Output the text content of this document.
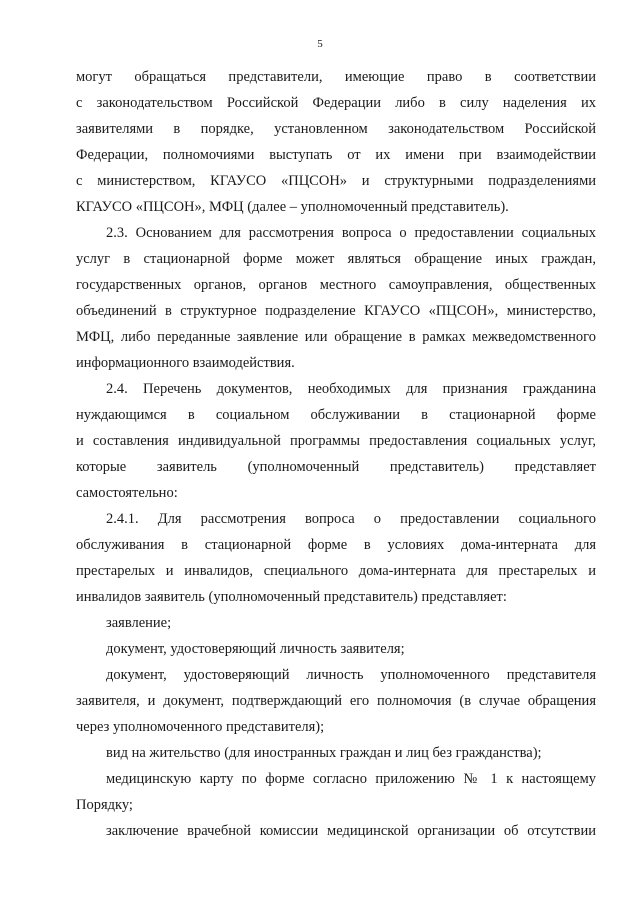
5
могут обращаться представители, имеющие право в соответствии
с законодательством Российской Федерации либо в силу наделения их
заявителями в порядке, установленном законодательством Российской
Федерации, полномочиями выступать от их имени при взаимодействии
с министерством, КГАУСО «ПЦСОН» и структурными подразделениями
КГАУСО «ПЦСОН», МФЦ (далее – уполномоченный представитель).
2.3. Основанием для рассмотрения вопроса о предоставлении социальных
услуг в стационарной форме может являться обращение иных граждан,
государственных органов, органов местного самоуправления, общественных
объединений в структурное подразделение КГАУСО «ПЦСОН», министерство,
МФЦ, либо переданные заявление или обращение в рамках межведомственного
информационного взаимодействия.
2.4. Перечень документов, необходимых для признания гражданина
нуждающимся в социальном обслуживании в стационарной форме
и составления индивидуальной программы предоставления социальных услуг,
которые заявитель (уполномоченный представитель) представляет
самостоятельно:
2.4.1. Для рассмотрения вопроса о предоставлении социального
обслуживания в стационарной форме в условиях дома-интерната для
престарелых и инвалидов, специального дома-интерната для престарелых и
инвалидов заявитель (уполномоченный представитель) представляет:
заявление;
документ, удостоверяющий личность заявителя;
документ, удостоверяющий личность уполномоченного представителя
заявителя, и документ, подтверждающий его полномочия (в случае обращения
через уполномоченного представителя);
вид на жительство (для иностранных граждан и лиц без гражданства);
медицинскую карту по форме согласно приложению № 1 к настоящему
Порядку;
заключение врачебной комиссии медицинской организации об отсутствии
